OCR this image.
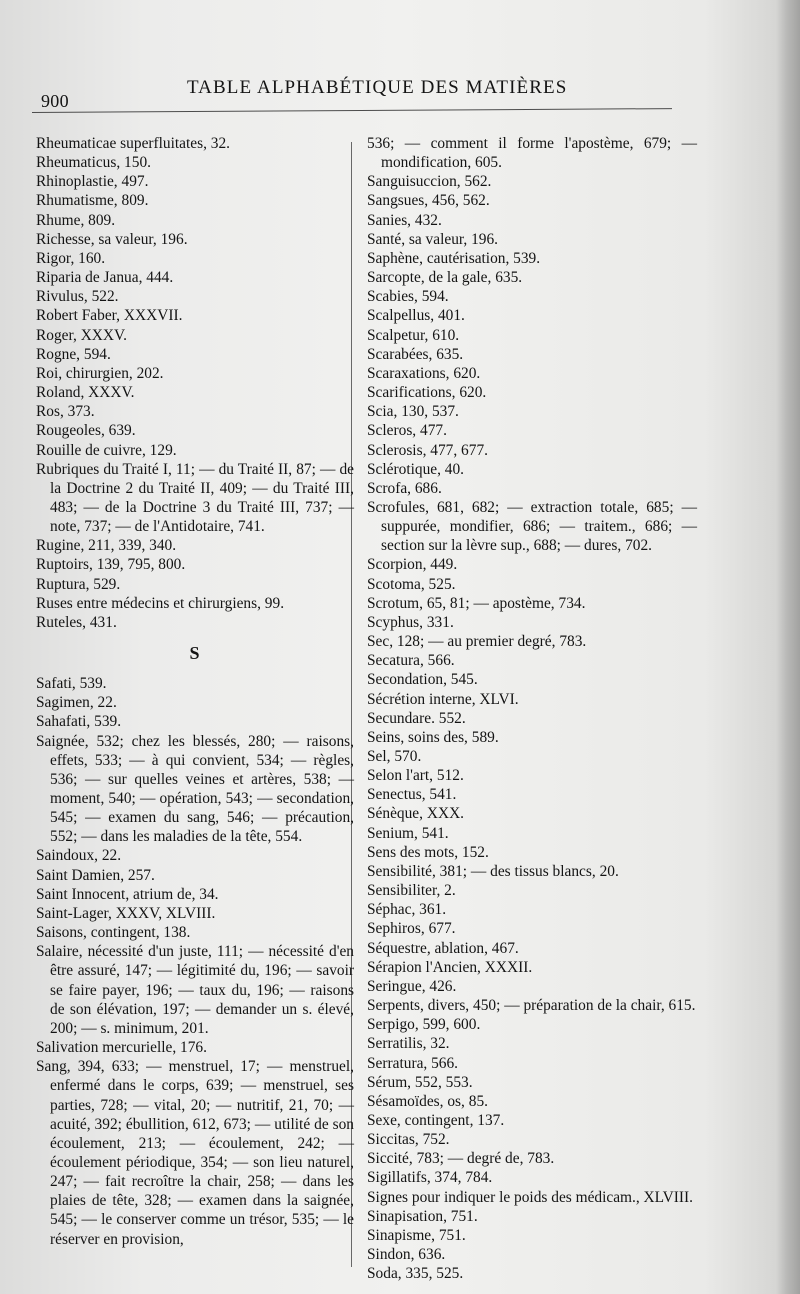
900
TABLE ALPHABÉTIQUE DES MATIÈRES
Rheumaticae superfluitates, 32.
Rheumaticus, 150.
Rhinoplastie, 497.
Rhumatisme, 809.
Rhume, 809.
Richesse, sa valeur, 196.
Rigor, 160.
Riparia de Janua, 444.
Rivulus, 522.
Robert Faber, XXXVII.
Roger, XXXV.
Rogne, 594.
Roi, chirurgien, 202.
Roland, XXXV.
Ros, 373.
Rougeoles, 639.
Rouille de cuivre, 129.
Rubriques du Traité I, 11; — du Traité II, 87; — de la Doctrine 2 du Traité II, 409; — du Traité III, 483; — de la Doctrine 3 du Traité III, 737; — note, 737; — de l'Antidotaire, 741.
Rugine, 211, 339, 340.
Ruptoirs, 139, 795, 800.
Ruptura, 529.
Ruses entre médecins et chirurgiens, 99.
Ruteles, 431.
S
Safati, 539.
Sagimen, 22.
Sahafati, 539.
Saignée, 532; chez les blessés, 280; — raisons, effets, 533; — à qui convient, 534; — règles, 536; — sur quelles veines et artères, 538; — moment, 540; — opération, 543; — secondation, 545; — examen du sang, 546; — précaution, 552; — dans les maladies de la tête, 554.
Saindoux, 22.
Saint Damien, 257.
Saint Innocent, atrium de, 34.
Saint-Lager, XXXV, XLVIII.
Saisons, contingent, 138.
Salaire, nécessité d'un juste, 111; — nécessité d'en être assuré, 147; — légitimité du, 196; — savoir se faire payer, 196; — taux du, 196; — raisons de son élévation, 197; — demander un s. élevé, 200; — s. minimum, 201.
Salivation mercurielle, 176.
Sang, 394, 633; — menstruel, 17; — menstruel, enfermé dans le corps, 639; — menstruel, ses parties, 728; — vital, 20; — nutritif, 21, 70; — acuité, 392; ébullition, 612, 673; — utilité de son écoulement, 213; — écoulement, 242; — écoulement périodique, 354; — son lieu naturel, 247; — fait recroître la chair, 258; — dans les plaies de tête, 328; — examen dans la saignée, 545; — le conserver comme un trésor, 535; — le réserver en provision,
536; — comment il forme l'apostème, 679; — mondification, 605.
Sanguisuccion, 562.
Sangsues, 456, 562.
Sanies, 432.
Santé, sa valeur, 196.
Saphène, cautérisation, 539.
Sarcopte, de la gale, 635.
Scabies, 594.
Scalpellus, 401.
Scalpetur, 610.
Scarabées, 635.
Scaraxations, 620.
Scarifications, 620.
Scia, 130, 537.
Scleros, 477.
Sclerosis, 477, 677.
Sclérotique, 40.
Scrofa, 686.
Scrofules, 681, 682; — extraction totale, 685; — suppurée, mondifier, 686; — traitem., 686; — section sur la lèvre sup., 688; — dures, 702.
Scorpion, 449.
Scotoma, 525.
Scrotum, 65, 81; — apostème, 734.
Scyphus, 331.
Sec, 128; — au premier degré, 783.
Secatura, 566.
Secondation, 545.
Sécrétion interne, XLVI.
Secundare. 552.
Seins, soins des, 589.
Sel, 570.
Selon l'art, 512.
Senectus, 541.
Sénèque, XXX.
Senium, 541.
Sens des mots, 152.
Sensibilité, 381; — des tissus blancs, 20.
Sensibiliter, 2.
Séphac, 361.
Sephiros, 677.
Séquestre, ablation, 467.
Sérapion l'Ancien, XXXII.
Seringue, 426.
Serpents, divers, 450; — préparation de la chair, 615.
Serpigo, 599, 600.
Serratilis, 32.
Serratura, 566.
Sérum, 552, 553.
Sésamoïdes, os, 85.
Sexe, contingent, 137.
Siccitas, 752.
Siccité, 783; — degré de, 783.
Sigillatifs, 374, 784.
Signes pour indiquer le poids des médicam., XLVIII.
Sinapisation, 751.
Sinapisme, 751.
Sindon, 636.
Soda, 335, 525.
